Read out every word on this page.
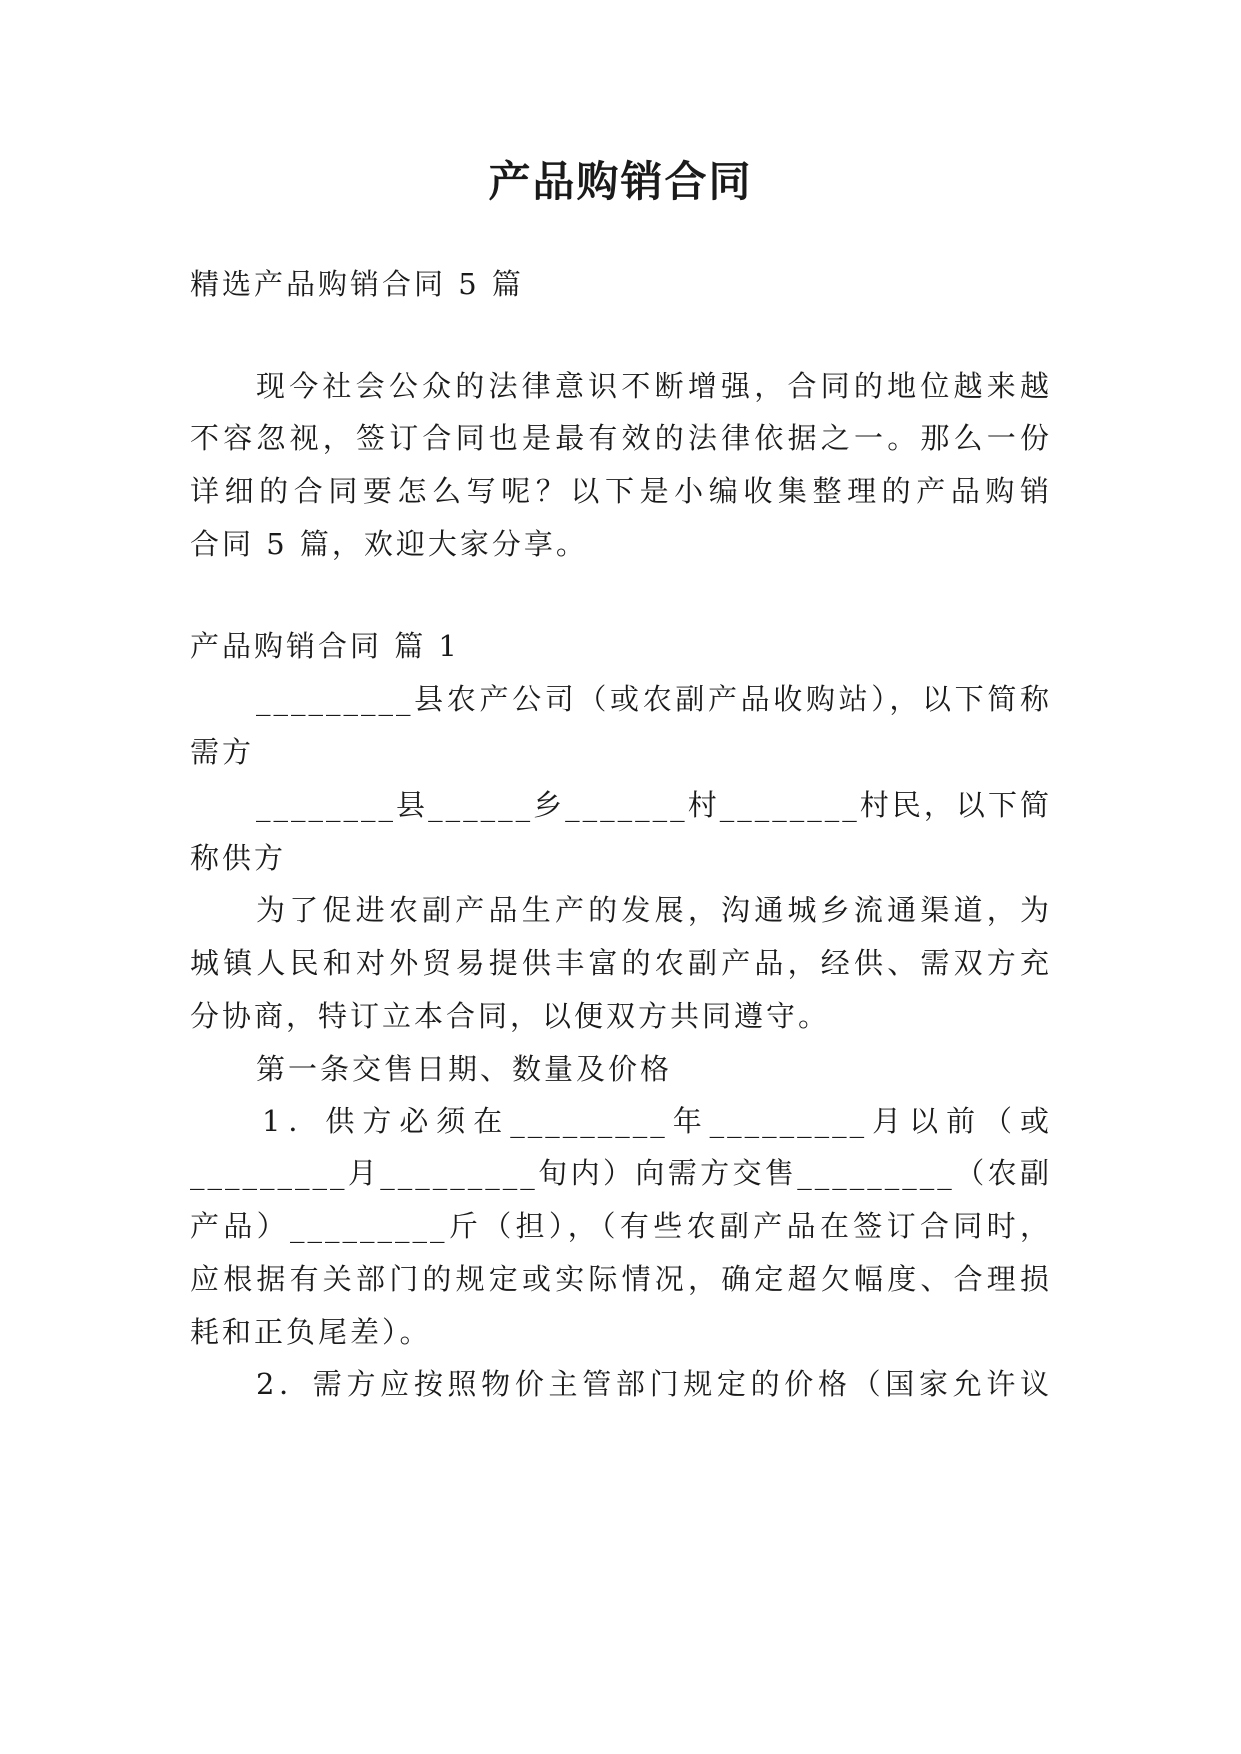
产品购销合同

精选产品购销合同 5 篇

现今社会公众的法律意识不断增强，合同的地位越来越

不容忽视，签订合同也是最有效的法律依据之一。那么一份

详细的合同要怎么写呢？以下是小编收集整理的产品购销

合同 5 篇，欢迎大家分享。

产品购销合同 篇 1

_________县农产公司（或农副产品收购站），以下简称

需方

________县______乡_______村________村民，以下简

称供方

为了促进农副产品生产的发展，沟通城乡流通渠道，为

城镇人民和对外贸易提供丰富的农副产品，经供、需双方充

分协商，特订立本合同，以便双方共同遵守。

第一条交售日期、数量及价格

1．供方必须在_________年_________月以前（或

_________月_________旬内）向需方交售_________（农副

产品）_________斤（担），（有些农副产品在签订合同时，

应根据有关部门的规定或实际情况，确定超欠幅度、合理损

耗和正负尾差）。

2．需方应按照物价主管部门规定的价格（国家允许议
